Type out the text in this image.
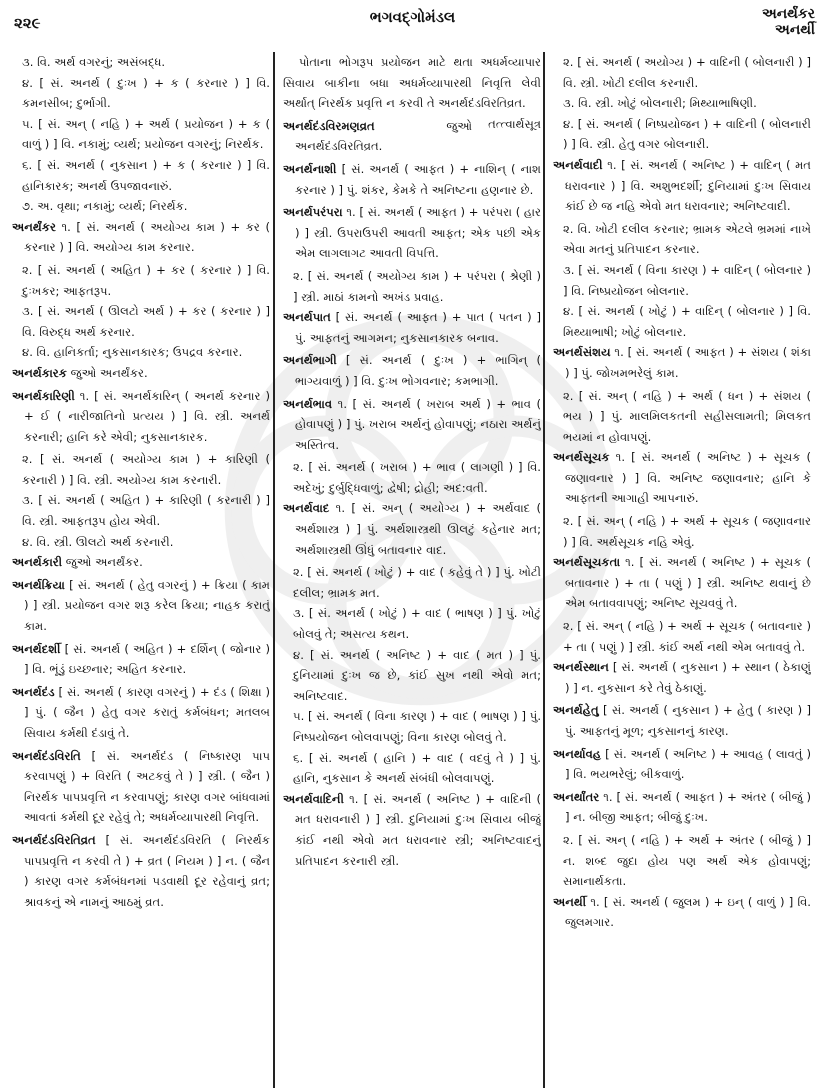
૨૨૯	ભગવદ્ગોમંડલ	અનર્થંકર
અનર્થી
૩. વિ. અર્થ વગરનું; અસંબદ્ધ.
૪. [ સં. અનર્થ ( દુઃખ ) + ક ( કરનાર ) ] વિ. કમનસીબ; દુર્ભાગી.
૫. [ સં. અન્ ( નહિ ) + અર્થ ( પ્રયોજન ) + ક ( વાળું ) ] વિ. નકામું; વ્યર્થ; પ્રયોજન વગરનું; નિરર્થક.
૬. [ સં. અનર્થ ( નુકસાન ) + ક ( કરનાર ) ] વિ. હાનિકારક; અનર્થ ઉપજાવનારું.
૭. અ. વૃથા; નકામું; વ્યર્થ; નિરર્થક.
અનર્થંકર ૧. [ સં. અનર્થ ( અયોગ્ય કામ ) + કર ( કરનાર ) ] વિ. અયોગ્ય કામ કરનાર.
૨. [ સં. અનર્થ ( અહિત ) + કર ( કરનાર ) ] વિ. દુઃખકર; આફતરૂપ.
૩. [ સં. અનર્થ ( ઊલટો અર્થ ) + કર ( કરનાર ) ] વિ. વિરુદ્ધ અર્થ કરનાર.
૪. વિ. હાનિકર્તા; નુકસાનકારક; ઉપદ્રવ કરનાર.
અનર્થકારક જુઓ અનર્થંકર.
અનર્થકારિણી ૧. [ સં. અનર્થકારિન્ ( અનર્થ કરનાર ) + ઈ ( નારીજાતિનો પ્રત્યય ) ] વિ. સ્ત્રી. અનર્થ કરનારી; હાનિ કરે એવી; નુકસાનકારક.
૨. [ સં. અનર્થ ( અયોગ્ય કામ ) + કારિણી ( કરનારી ) ] વિ. સ્ત્રી. અયોગ્ય કામ કરનારી.
૩. [ સં. અનર્થ ( અહિત ) + કારિણી ( કરનારી ) ] વિ. સ્ત્રી. આફતરૂપ હોય એવી.
૪. વિ. સ્ત્રી. ઊલટો અર્થ કરનારી.
અનર્થકારી જુઓ અનર્થંકર.
અનર્થક્રિયા [ સં. અનર્થ ( હેતુ વગરનું ) + ક્રિયા ( કામ ) ] સ્ત્રી. પ્રયોજન વગર શરૂ કરેલ ક્રિયા; નાહક કરાતું કામ.
અનર્થદર્શી [ સં. અનર્થ ( અહિત ) + દર્શિન્ ( જોનાર ) ] વિ. ભૂંડું ઇચ્છનાર; અહિત કરનાર.
અનર્થદંડ [ સં. અનર્થ ( કારણ વગરનું ) + દંડ ( શિક્ષા ) ] પું. ( જૈન ) હેતુ વગર કરાતું કર્મબંધન; મતલબ સિવાય કર્મથી દંડાવું તે.
અનર્થદંડવિરતિ [ સં. અનર્થદંડ ( નિષ્કારણ પાપ કરવાપણું ) + વિરતિ ( અટકવું તે ) ] સ્ત્રી. ( જૈન ) નિરર્થક પાપપ્રવૃત્તિ ન કરવાપણું; કારણ વગર બાંધવામાં આવતાં કર્મથી દૂર રહેવું તે; અધર્મવ્યાપારથી નિવૃત્તિ.
અનર્થદંડવિરતિવ્રત [ સં. અનર્થદંડવિરતિ ( નિરર્થક પાપપ્રવૃત્તિ ન કરવી તે ) + વ્રત ( નિયમ ) ] ન. ( જૈન ) કારણ વગર કર્મબંધનમાં પડવાથી દૂર રહેવાનું વ્રત; શ્રાવકનું એ નામનું આઠમું વ્રત.
પોતાના ભોગરૂપ પ્રયોજન માટે થતા અધર્મવ્યાપાર સિવાય બાકીના બધા અધર્મવ્યાપારથી નિવૃત્તિ લેવી અર્થાત્ નિરર્થક પ્રવૃત્તિ ન કરવી તે અનર્થદંડવિરતિવ્રત.
તત્ત્વાર્થસૂત્ર
અનર્થદંડવિરમણવ્રત	જુઓ અનર્થદંડવિરતિવ્રત.
અનર્થનાશી [ સં. અનર્થ ( આફત ) + નાશિન્ ( નાશ કરનાર ) ] પું. શંકર, કેમકે તે અનિષ્ટના હણનાર છે.
અનર્થપરંપરા ૧. [ સં. અનર્થ ( આફત ) + પરંપરા ( હાર ) ] સ્ત્રી. ઉપરાઉપરી આવતી આફત; એક પછી એક એમ લાગલાગટ આવતી વિપત્તિ.
૨. [ સં. અનર્થ ( અયોગ્ય કામ ) + પરંપરા ( શ્રેણી ) ] સ્ત્રી. માઠાં કામનો અખંડ પ્રવાહ.
અનર્થપાત [ સં. અનર્થ ( આફત ) + પાત ( પતન ) ] પું. આફતનું આગમન; નુકસાનકારક બનાવ.
અનર્થભાગી [ સં. અનર્થ ( દુઃખ ) + ભાગિન્ ( ભાગ્યવાળું ) ] વિ. દુઃખ ભોગવનાર; કમભાગી.
અનર્થભાવ ૧. [ સં. અનર્થ ( ખરાબ અર્થ ) + ભાવ ( હોવાપણું ) ] પું. ખરાબ અર્થનું હોવાપણું; નઠારા અર્થનું અસ્તિત્વ.
૨. [ સં. અનર્થ ( ખરાબ ) + ભાવ ( લાગણી ) ] વિ. અદેખું; દુર્બુદ્ધિવાળું; દ્વેષી; દ્રોહી; અદ:વતી.
અનર્થવાદ ૧. [ સં. અન્ ( અયોગ્ય ) + અર્થવાદ ( અર્થશાસ્ત્ર ) ] પું. અર્થશાસ્ત્રથી ઊલટું કહેનાર મત; અર્થશાસ્ત્રથી ઊંધું બતાવનાર વાદ.
૨. [ સં. અનર્થ ( ખોટું ) + વાદ ( કહેવું તે ) ] પું. ખોટી દલીલ; ભ્રામક મત.
૩. [ સં. અનર્થ ( ખોટું ) + વાદ ( ભાષણ ) ] પું. ખોટું બોલવું તે; અસત્ય કથન.
૪. [ સં. અનર્થ ( અનિષ્ટ ) + વાદ ( મત ) ] પું. દુનિયામાં દુઃખ જ છે, કાંઈ સુખ નથી એવો મત; અનિષ્ટવાદ.
૫. [ સં. અનર્થ ( વિના કારણ ) + વાદ ( ભાષણ ) ] પું. નિષ્પ્રયોજન બોલવાપણું; વિના કારણ બોલવું તે.
૬. [ સં. અનર્થ ( હાનિ ) + વાદ ( વદવું તે ) ] પું. હાનિ, નુકસાન કે અનર્થ સંબંધી બોલવાપણું.
અનર્થવાદિની ૧. [ સં. અનર્થ ( અનિષ્ટ ) + વાદિની ( મત ધરાવનારી ) ] સ્ત્રી. દુનિયામાં દુઃખ સિવાય બીજું કાંઈ નથી એવો મત ધરાવનાર સ્ત્રી; અનિષ્ટવાદનું પ્રતિપાદન કરનારી સ્ત્રી.
૨. [ સં. અનર્થ ( અયોગ્ય ) + વાદિની ( બોલનારી ) ] વિ. સ્ત્રી. ખોટી દલીલ કરનારી.
૩. વિ. સ્ત્રી. ખોટું બોલનારી; મિથ્યાભાષિણી.
૪. [ સં. અનર્થ ( નિષ્પ્રયોજન ) + વાદિની ( બોલનારી ) ] વિ. સ્ત્રી. હેતુ વગર બોલનારી.
અનર્થવાદી ૧. [ સં. અનર્થ ( અનિષ્ટ ) + વાદિન્ ( મત ધરાવનાર ) ] વિ. અશુભદર્શી; દુનિયામાં દુઃખ સિવાય કાંઈ છે જ નહિ એવો મત ધરાવનાર; અનિષ્ટવાદી.
૨. વિ. ખોટી દલીલ કરનાર; ભ્રામક એટલે ભ્રમમાં નાખે એવા મતનું પ્રતિપાદન કરનાર.
૩. [ સં. અનર્થ ( વિના કારણ ) + વાદિન્ ( બોલનાર ) ] વિ. નિષ્પ્રયોજન બોલનાર.
૪. [ સં. અનર્થ ( ખોટું ) + વાદિન્ ( બોલનાર ) ] વિ. મિથ્યાભાષી; ખોટું બોલનાર.
અનર્થસંશય ૧. [ સં. અનર્થ ( આફત ) + સંશય ( શંકા ) ] પું. જોખમભરેલું કામ.
૨. [ સં. અન્ ( નહિ ) + અર્થ ( ધન ) + સંશય ( ભય ) ] પું. માલમિલકતની સહીસલામતી; મિલકત ભયમાં ન હોવાપણું.
અનર્થસૂચક ૧. [ સં. અનર્થ ( અનિષ્ટ ) + સૂચક ( જણાવનાર ) ] વિ. અનિષ્ટ જણાવનાર; હાનિ કે આફતની આગાહી આપનારું.
૨. [ સં. અન્ ( નહિ ) + અર્થ + સૂચક ( જણાવનાર ) ] વિ. અર્થસૂચક નહિ એવું.
અનર્થસૂચકતા ૧. [ સં. અનર્થ ( અનિષ્ટ ) + સૂચક ( બતાવનાર ) + તા ( પણું ) ] સ્ત્રી. અનિષ્ટ થવાનું છે એમ બતાવવાપણું; અનિષ્ટ સૂચવવું તે.
૨. [ સં. અન્ ( નહિ ) + અર્થ + સૂચક ( બતાવનાર ) + તા ( પણું ) ] સ્ત્રી. કાંઈ અર્થ નથી એમ બતાવવું તે.
અનર્થસ્થાન [ સં. અનર્થ ( નુકસાન ) + સ્થાન ( ઠેકાણું ) ] ન. નુકસાન કરે તેવું ઠેકાણું.
અનર્થહેતુ [ સં. અનર્થ ( નુકસાન ) + હેતુ ( કારણ ) ] પું. આફતનું મૂળ; નુકસાનનું કારણ.
અનર્થાવહ [ સં. અનર્થ ( અનિષ્ટ ) + આવહ ( લાવતું ) ] વિ. ભયભરેલું; બીકવાળું.
અનર્થાંતર ૧. [ સં. અનર્થ ( આફત ) + અંતર ( બીજું ) ] ન. બીજી આફત; બીજું દુઃખ.
૨. [ સં. અન્ ( નહિ ) + અર્થ + અંતર ( બીજું ) ] ન. શબ્દ જુદા હોય પણ અર્થ એક હોવાપણું; સમાનાર્થકતા.
અનર્થી ૧. [ સં. અનર્થ ( જુલમ ) + ઇન્ ( વાળું ) ] વિ. જુલમગાર.
